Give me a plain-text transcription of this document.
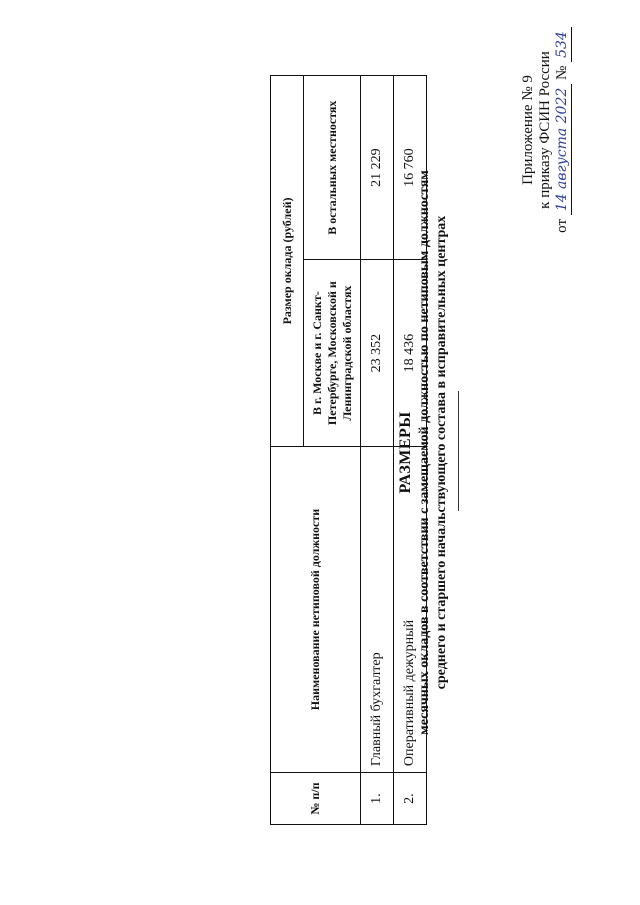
Приложение № 9 к приказу ФСИН России
от 14 августа 2022 № 534
РАЗМЕРЫ месячных окладов в соответствии с замещаемой должностью по нетиповым должностям среднего и старшего начальствующего состава в исправительных центрах
№ п/п	Наименование нетиповой должности	Размер оклада (рублей)	
		В г. Москве и г. Санкт-Петербурге, Московской и Ленинградской областях	В остальных местностях
1.	Главный бухгалтер	23 352	21 229
2.	Оперативный дежурный	18 436	16 760
